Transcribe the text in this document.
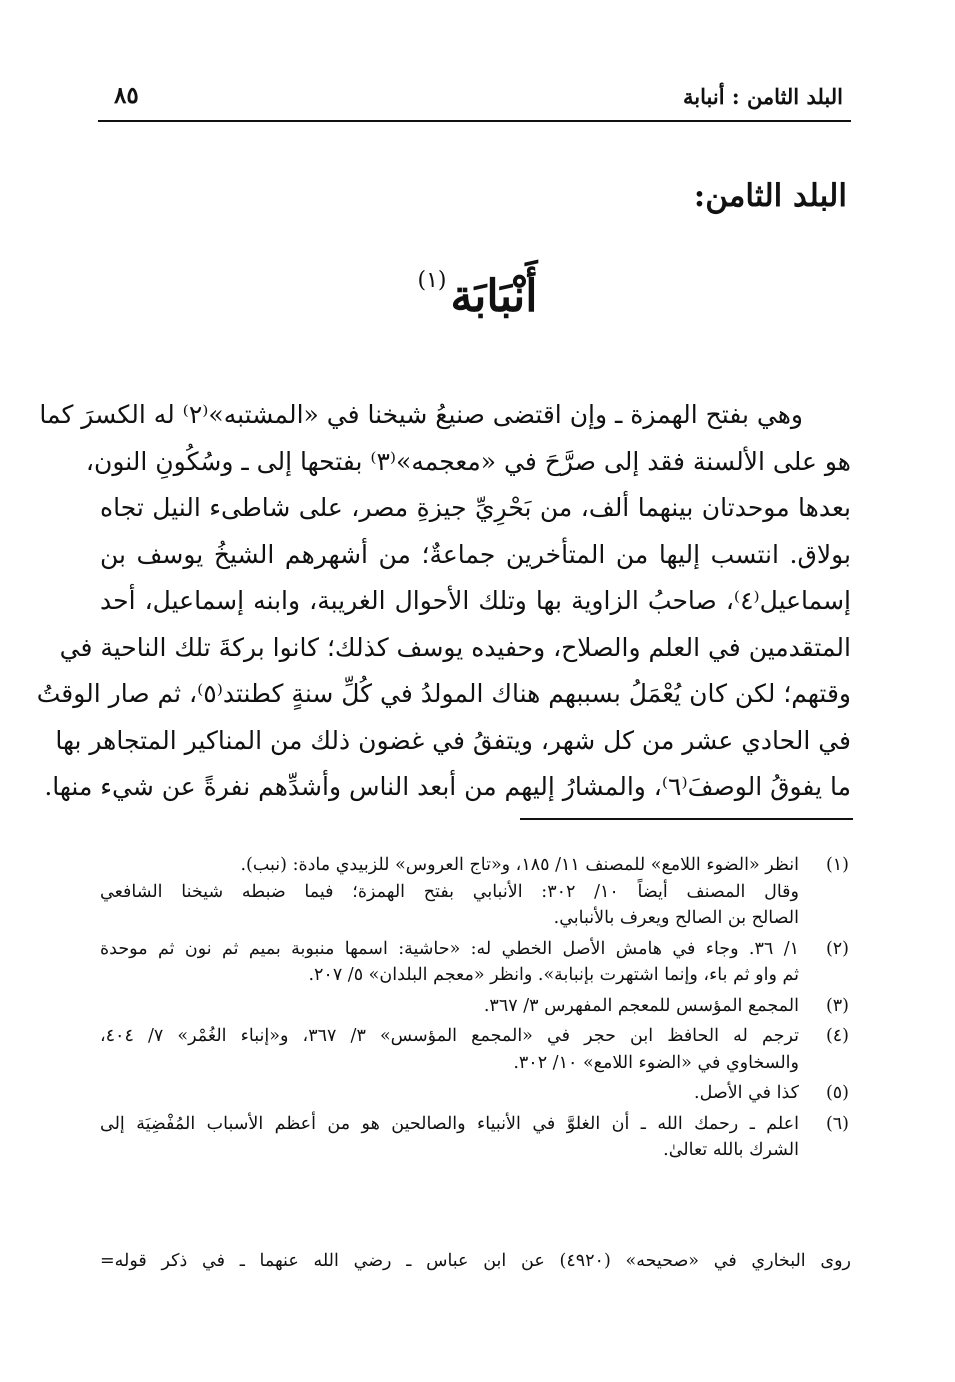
البلد الثامن : أنبابة
٨٥
البلد الثامن:
أَنْبَابَة(١)
وهي بفتح الهمزة ـ وإن اقتضى صنيعُ شيخنا في «المشتبه»⁽٢⁾ له الكسرَ كما
هو على الألسنة فقد إلى صرَّحَ في «معجمه»⁽٣⁾ بفتحها إلى ـ وسُكُونِ النون،
بعدها موحدتان بينهما ألف، من بَحْرِيِّ جيزةِ مصر، على شاطىء النيل تجاه
بولاق. انتسب إليها من المتأخرين جماعةٌ؛ من أشهرهم الشيخُ يوسف بن
إسماعيل⁽٤⁾، صاحبُ الزاوية بها وتلك الأحوال الغريبة، وابنه إسماعيل، أحد
المتقدمين في العلم والصلاح، وحفيده يوسف كذلك؛ كانوا بركةَ تلك الناحية في
وقتهم؛ لكن كان يُعْمَلُ بسببهم هناك المولدُ في كُلِّ سنةٍ كطنتد⁽٥⁾، ثم صار الوقتُ
في الحادي عشر من كل شهر، ويتفقُ في غضون ذلك من المناكير المتجاهر بها
ما يفوقُ الوصفَ⁽٦⁾، والمشارُ إليهم من أبعد الناس وأشدِّهم نفرةً عن شيء منها.
(١)
انظر «الضوء اللامع» للمصنف ١١/ ١٨٥، و«تاج العروس» للزبيدي مادة: (نبب).
وقال المصنف أيضاً ١٠/ ٣٠٢: الأنبابي بفتح الهمزة؛ فيما ضبطه شيخنا الشافعي
الصالح بن الصالح ويعرف بالأنبابي.
(٢)
١/ ٣٦. وجاء في هامش الأصل الخطي له: «حاشية: اسمها منبوبة بميم ثم نون ثم موحدة
ثم واو ثم باء، وإنما اشتهرت بإنبابة». وانظر «معجم البلدان» ٥/ ٢٠٧.
(٣)
المجمع المؤسس للمعجم المفهرس ٣/ ٣٦٧.
(٤)
ترجم له الحافظ ابن حجر في «المجمع المؤسس» ٣/ ٣٦٧، و«إنباء الغُمْر» ٧/ ٤٠٤،
والسخاوي في «الضوء اللامع» ١٠/ ٣٠٢.
(٥)
كذا في الأصل.
(٦)
اعلم ـ رحمك الله ـ أن الغلوَّ في الأنبياء والصالحين هو من أعظم الأسباب المُفْضِيَة إلى
الشرك بالله تعالىٰ.
روى البخاري في «صحيحه» (٤٩٢٠) عن ابن عباس ـ رضي الله عنهما ـ في ذكر قوله=
